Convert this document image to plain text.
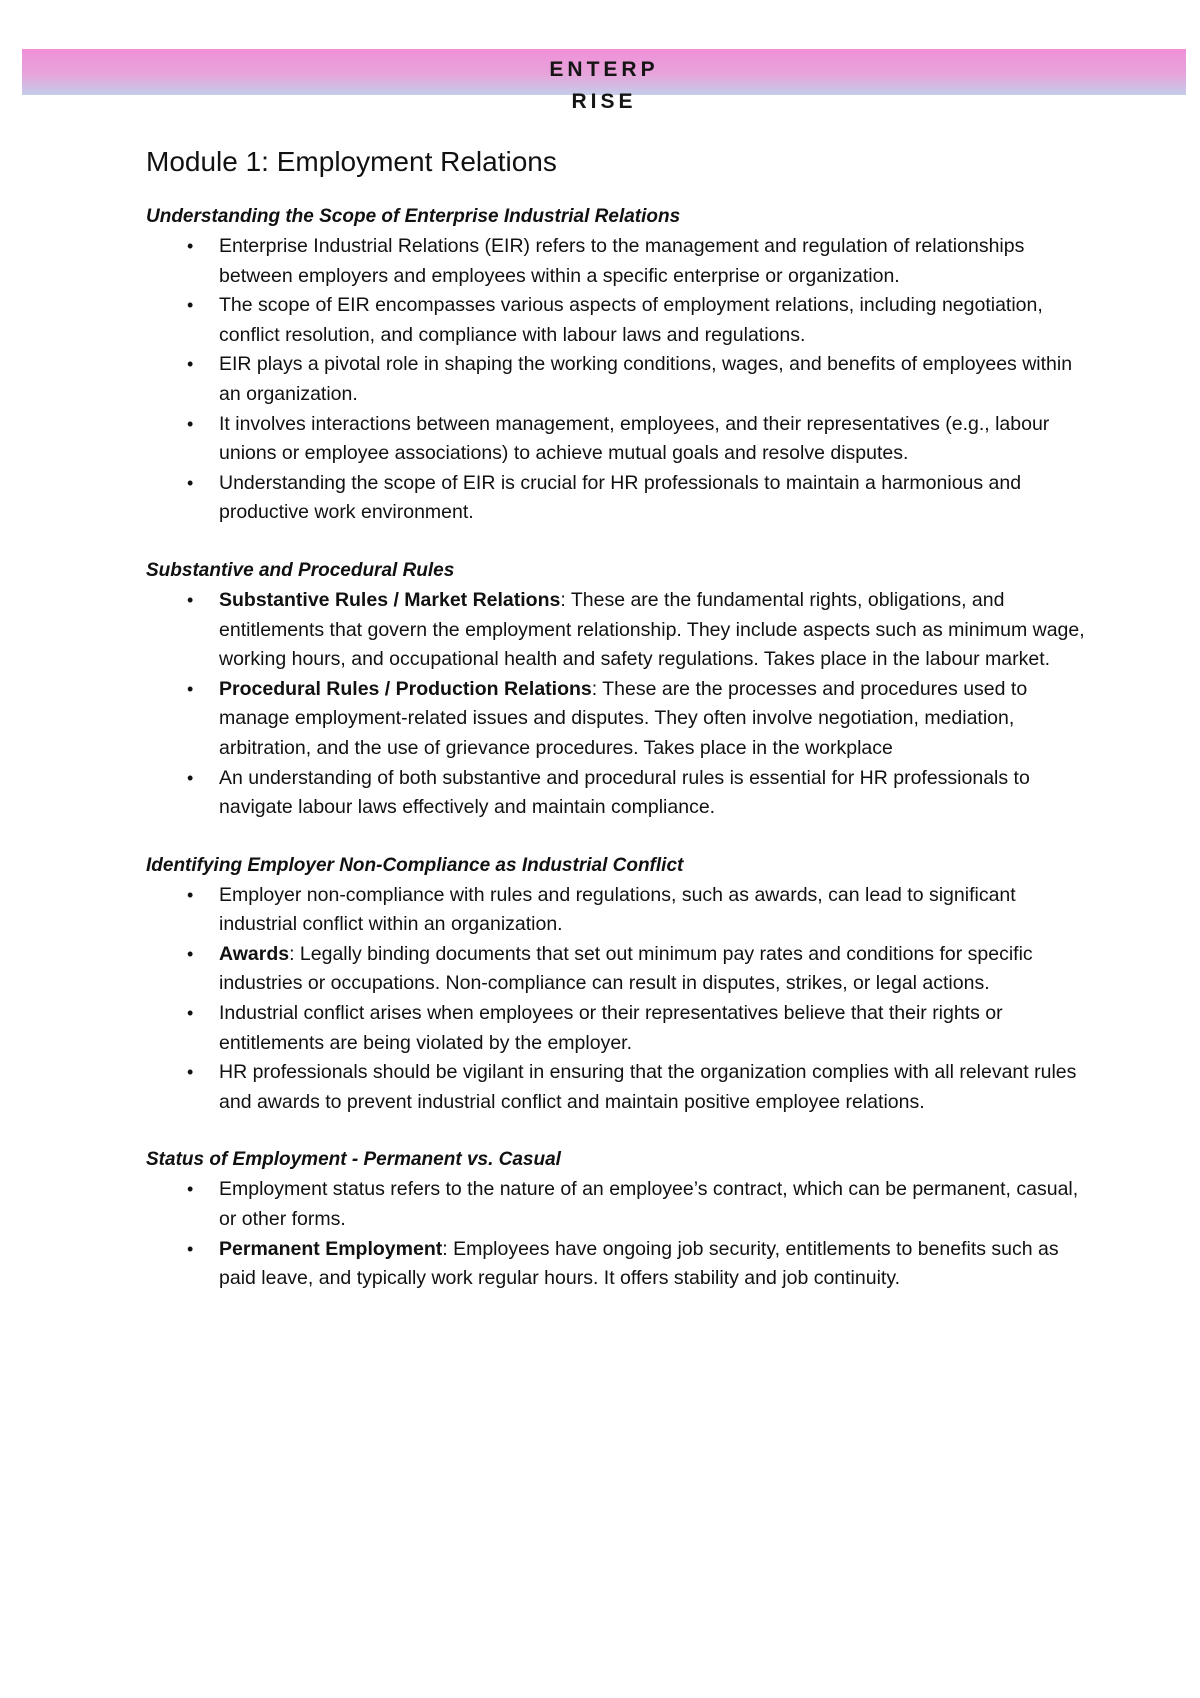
ENTERP
RISE
Module 1: Employment Relations

Understanding the Scope of Enterprise Industrial Relations

• Enterprise Industrial Relations (EIR) refers to the management and regulation of relationships between employers and employees within a specific enterprise or organization.
• The scope of EIR encompasses various aspects of employment relations, including negotiation, conflict resolution, and compliance with labour laws and regulations.
• EIR plays a pivotal role in shaping the working conditions, wages, and benefits of employees within an organization.
• It involves interactions between management, employees, and their representatives (e.g., labour unions or employee associations) to achieve mutual goals and resolve disputes.
• Understanding the scope of EIR is crucial for HR professionals to maintain a harmonious and productive work environment.

Substantive and Procedural Rules

• Substantive Rules / Market Relations: These are the fundamental rights, obligations, and entitlements that govern the employment relationship. They include aspects such as minimum wage, working hours, and occupational health and safety regulations. Takes place in the labour market.
• Procedural Rules / Production Relations: These are the processes and procedures used to manage employment-related issues and disputes. They often involve negotiation, mediation, arbitration, and the use of grievance procedures. Takes place in the workplace
• An understanding of both substantive and procedural rules is essential for HR professionals to navigate labour laws effectively and maintain compliance.

Identifying Employer Non-Compliance as Industrial Conflict

• Employer non-compliance with rules and regulations, such as awards, can lead to significant industrial conflict within an organization.
• Awards: Legally binding documents that set out minimum pay rates and conditions for specific industries or occupations. Non-compliance can result in disputes, strikes, or legal actions.
• Industrial conflict arises when employees or their representatives believe that their rights or entitlements are being violated by the employer.
• HR professionals should be vigilant in ensuring that the organization complies with all relevant rules and awards to prevent industrial conflict and maintain positive employee relations.

Status of Employment - Permanent vs. Casual

• Employment status refers to the nature of an employee’s contract, which can be permanent, casual, or other forms.
• Permanent Employment: Employees have ongoing job security, entitlements to benefits such as paid leave, and typically work regular hours. It offers stability and job continuity.
